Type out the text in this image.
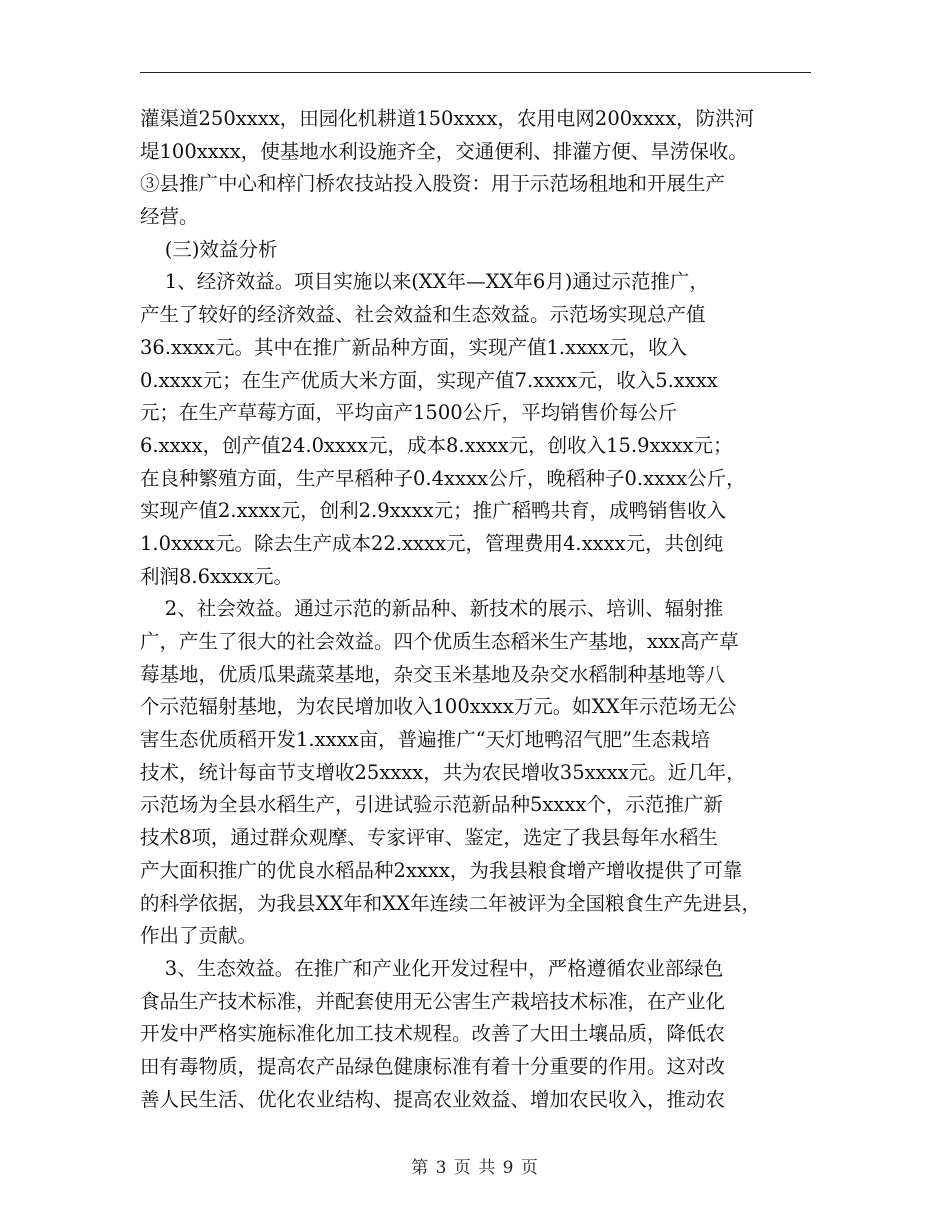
灌渠道250xxxx，田园化机耕道150xxxx，农用电网200xxxx，防洪河
堤100xxxx，使基地水利设施齐全，交通便利、排灌方便、旱涝保收。
③县推广中心和梓门桥农技站投入股资：用于示范场租地和开展生产
经营。
(三)效益分析
1、经济效益。项目实施以来(XX年—XX年6月)通过示范推广，
产生了较好的经济效益、社会效益和生态效益。示范场实现总产值
36.xxxx元。其中在推广新品种方面，实现产值1.xxxx元，收入
0.xxxx元；在生产优质大米方面，实现产值7.xxxx元，收入5.xxxx
元；在生产草莓方面，平均亩产1500公斤，平均销售价每公斤
6.xxxx，创产值24.0xxxx元，成本8.xxxx元，创收入15.9xxxx元；
在良种繁殖方面，生产早稻种子0.4xxxx公斤，晚稻种子0.xxxx公斤，
实现产值2.xxxx元，创利2.9xxxx元；推广稻鸭共育，成鸭销售收入
1.0xxxx元。除去生产成本22.xxxx元，管理费用4.xxxx元，共创纯
利润8.6xxxx元。
2、社会效益。通过示范的新品种、新技术的展示、培训、辐射推
广，产生了很大的社会效益。四个优质生态稻米生产基地，xxx高产草
莓基地，优质瓜果蔬菜基地，杂交玉米基地及杂交水稻制种基地等八
个示范辐射基地，为农民增加收入100xxxx万元。如XX年示范场无公
害生态优质稻开发1.xxxx亩，普遍推广“天灯地鸭沼气肥”生态栽培
技术，统计每亩节支增收25xxxx，共为农民增收35xxxx元。近几年，
示范场为全县水稻生产，引进试验示范新品种5xxxx个，示范推广新
技术8项，通过群众观摩、专家评审、鉴定，选定了我县每年水稻生
产大面积推广的优良水稻品种2xxxx，为我县粮食增产增收提供了可靠
的科学依据，为我县XX年和XX年连续二年被评为全国粮食生产先进县，
作出了贡献。
3、生态效益。在推广和产业化开发过程中，严格遵循农业部绿色
食品生产技术标准，并配套使用无公害生产栽培技术标准，在产业化
开发中严格实施标准化加工技术规程。改善了大田土壤品质，降低农
田有毒物质，提高农产品绿色健康标准有着十分重要的作用。这对改
善人民生活、优化农业结构、提高农业效益、增加农民收入，推动农
第 3 页 共 9 页
